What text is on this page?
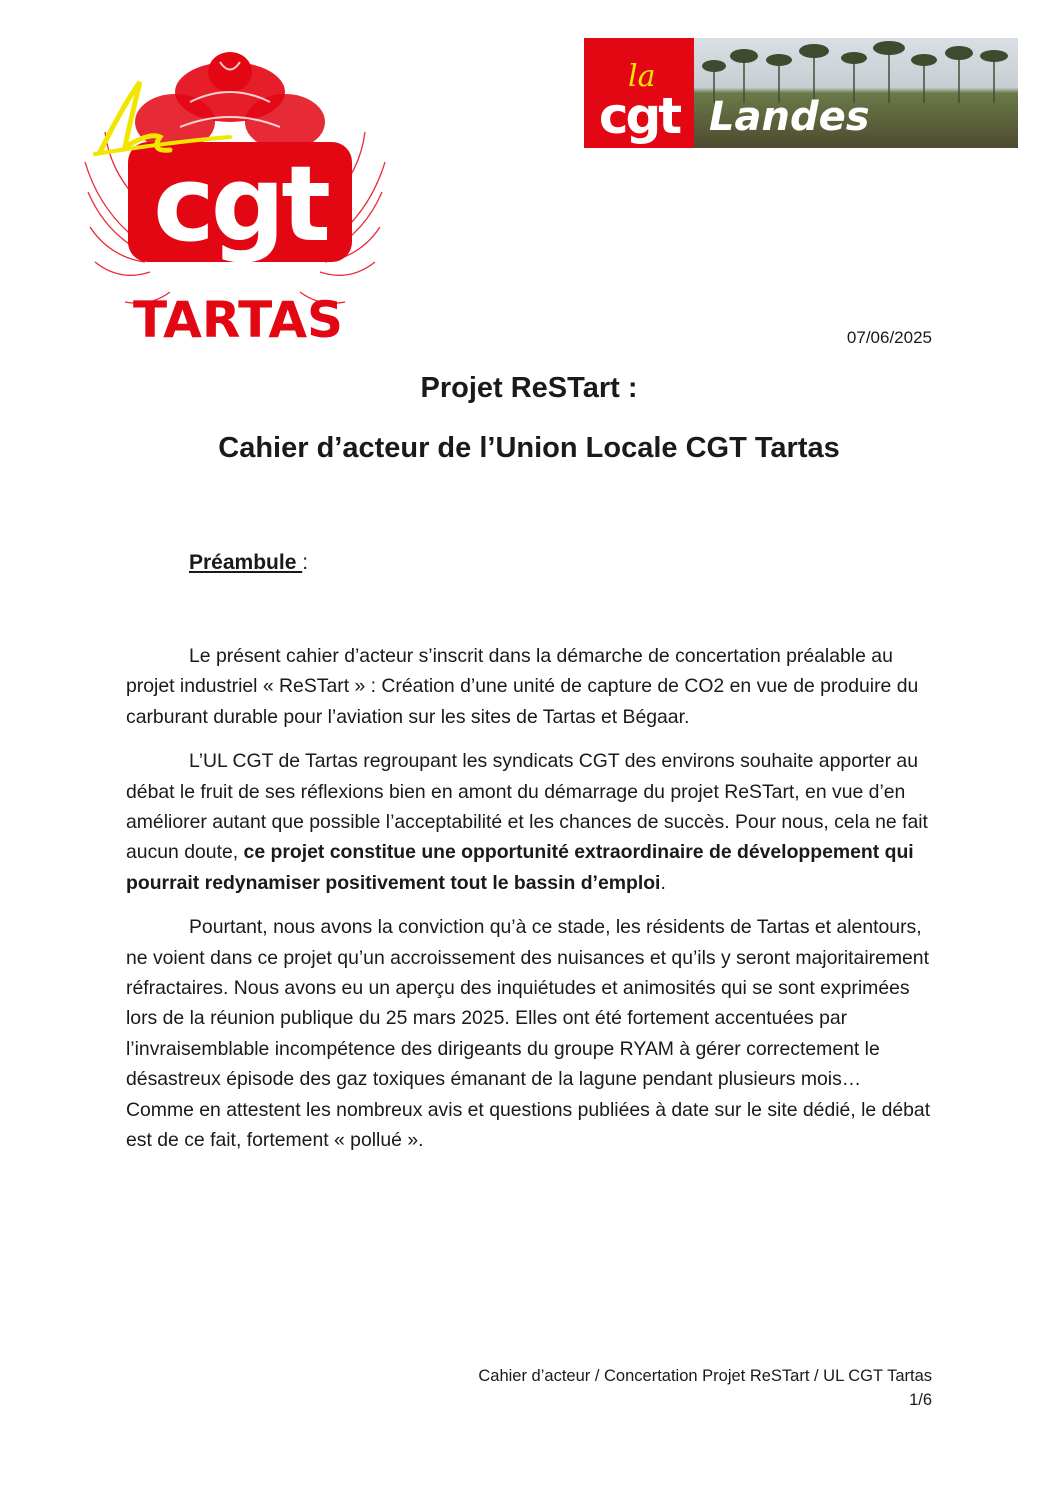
cgt
TARTAS
la
cgt Landes
07/06/2025
Projet ReSTart :
Cahier d’acteur de l’Union Locale CGT Tartas
Préambule :

Le présent cahier d’acteur s’inscrit dans la démarche de concertation préalable au projet industriel « ReSTart » : Création d’une unité de capture de CO2 en vue de produire du carburant durable pour l’aviation sur les sites de Tartas et Bégaar.

L’UL CGT de Tartas regroupant les syndicats CGT des environs souhaite apporter au débat le fruit de ses réflexions bien en amont du démarrage du projet ReSTart, en vue d’en améliorer autant que possible l’acceptabilité et les chances de succès. Pour nous, cela ne fait aucun doute, ce projet constitue une opportunité extraordinaire de développement qui pourrait redynamiser positivement tout le bassin d’emploi.

Pourtant, nous avons la conviction qu’à ce stade, les résidents de Tartas et alentours, ne voient dans ce projet qu’un accroissement des nuisances et qu’ils y seront majoritairement réfractaires. Nous avons eu un aperçu des inquiétudes et animosités qui se sont exprimées lors de la réunion publique du 25 mars 2025. Elles ont été fortement accentuées par l’invraisemblable incompétence des dirigeants du groupe RYAM à gérer correctement le désastreux épisode des gaz toxiques émanant de la lagune pendant plusieurs mois… Comme en attestent les nombreux avis et questions publiées à date sur le site dédié, le débat est de ce fait, fortement « pollué ».

Cahier d’acteur / Concertation Projet ReSTart / UL CGT Tartas
1/6
